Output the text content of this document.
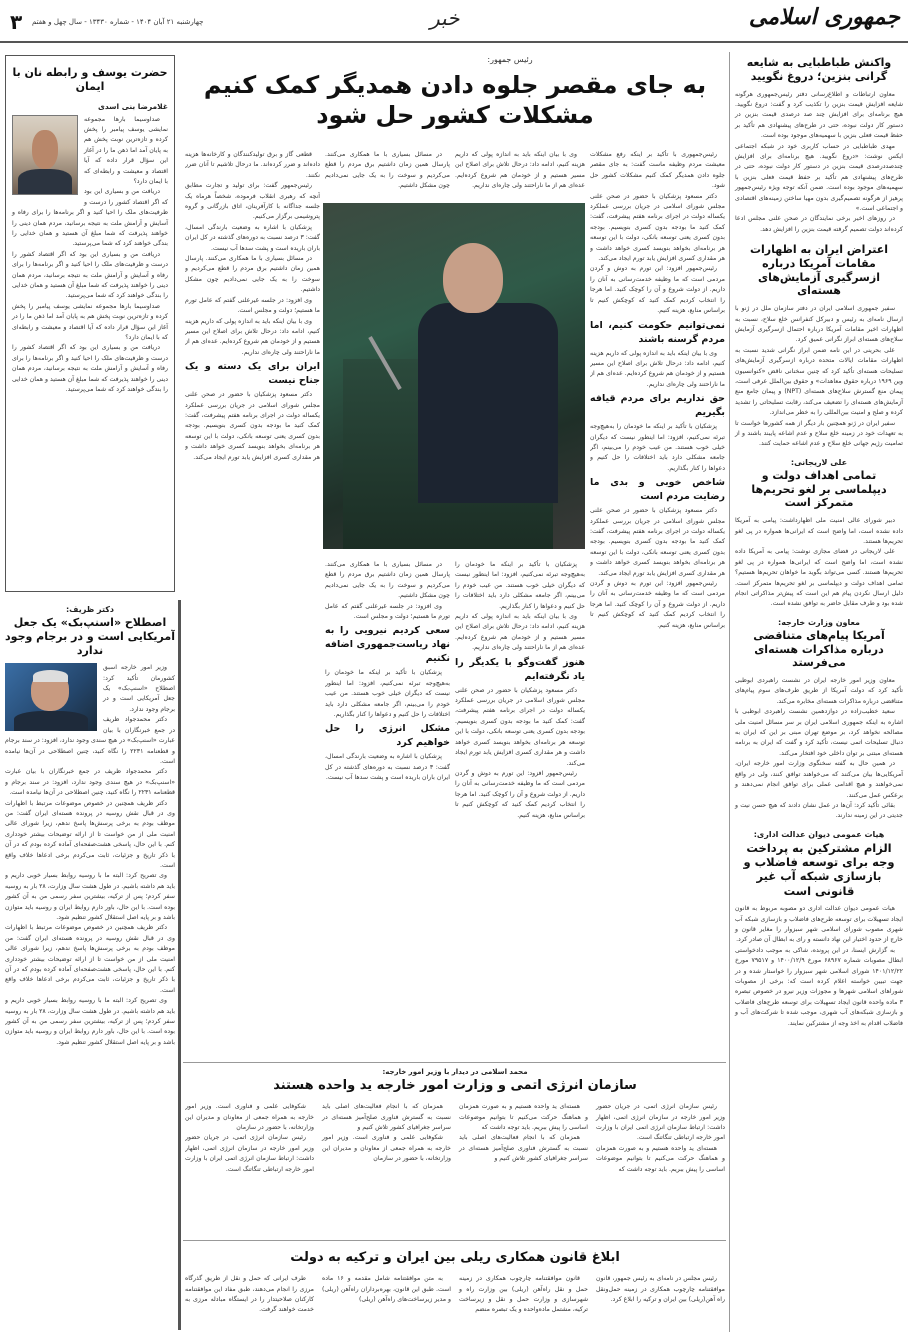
جمهوری اسلامی
خبر
چهارشنبه ۲۱ آبان ۱۴۰۴ - شماره ۱۳۴۳۰ - سال چهل و هفتم
۳
واکنش طباطبایی به شایعه گرانی بنزین؛ دروغ نگویید

معاون ارتباطات و اطلاع‌رسانی دفتر رئیس‌جمهوری هرگونه شایعه افزایش قیمت بنزین را تکذیب کرد و گفت: دروغ نگویید. هیچ برنامه‌ای برای افزایش چند صد درصدی قیمت بنزین در دستور کار دولت نبوده، حتی در طرح‌های پیشنهادی هم تأکید بر حفظ قیمت فعلی بنزین با سهمیه‌های موجود بوده است.

مهدی طباطبایی در حساب کاربری خود در شبکه اجتماعی ایکس نوشت: «دروغ نگویید. هیچ برنامه‌ای برای افزایش چندصددرصدی قیمت بنزین در دستور کار دولت نبوده، حتی در طرح‌های پیشنهادی هم تأکید بر حفظ قیمت فعلی بنزین با سهمیه‌های موجود بوده است. ضمن آنکه توجه ویژه رئیس‌جمهور پرهیز از هرگونه تصمیم‌گیری بدون مهیا ساختن زمینه‌های اقتصادی و اجتماعی است.»

در روزهای اخیر برخی نمایندگان در صحن علنی مجلس ادعا کرده‌اند دولت تصمیم گرفته قیمت بنزین را افزایش دهد.

اعتراض ایران به اظهارات مقامات آمریکا درباره ازسرگیری آزمایش‌های هسته‌ای

سفیر جمهوری اسلامی ایران در دفتر سازمان ملل در ژنو با ارسال نامه‌ای به رئیس و دبیرکل کنفرانس خلع سلاح، نسبت به اظهارات اخیر مقامات آمریکا درباره احتمال ازسرگیری آزمایش سلاح‌های هسته‌ای ابراز نگرانی عمیق کرد.

علی بحرینی در این نامه ضمن ابراز نگرانی شدید نسبت به اظهارات مقامات ایالات متحده درباره ازسرگیری آزمایش‌های تسلیحات هسته‌ای تأکید کرد که چنین سخنانی ناقض «کنوانسیون وین ۱۹۶۹ درباره حقوق معاهدات» و حقوق بین‌الملل عرفی است، پیمان منع گسترش سلاح‌های هسته‌ای (NPT) و پیمان جامع منع آزمایش‌های هسته‌ای را تضعیف می‌کند، رقابت تسلیحاتی را تشدید کرده و صلح و امنیت بین‌المللی را به خطر می‌اندازد.

سفیر ایران در ژنو همچنین بار دیگر از همه کشورها خواست تا به تعهدات خود در زمینه خلع سلاح و عدم اشاعه پایبند باشند و از تمامیت رژیم جهانی خلع سلاح و عدم اشاعه حمایت کنند.

علی لاریجانی:
تمامی اهداف دولت و دیپلماسی بر لغو تحریم‌ها متمرکز است

دبیر شورای عالی امنیت ملی اظهارداشت: پیامی به آمریکا داده نشده است، اما واضح است که ایرانی‌ها همواره در پی لغو تحریم‌ها هستند.

علی لاریجانی در فضای مجازی نوشت: پیامی به آمریکا داده نشده است، اما واضح است که ایرانی‌ها همواره در پی لغو تحریم‌ها هستند. کسی می‌تواند بگوید ما خواهان تحریم‌ها هستیم؟ تمامی اهداف دولت و دیپلماسی بر لغو تحریم‌ها متمرکز است. دلیل ارسال نکردن پیام هم این است که پیش‌تر مذاکراتی انجام شده بود و طرف مقابل حاضر به توافق نشده است.

معاون وزارت خارجه:
آمریکا پیام‌های متناقضی درباره مذاکرات هسته‌ای می‌فرستد

معاون وزیر امور خارجه ایران در نشست راهبردی ابوظبی تأکید کرد که دولت آمریکا از طریق طرف‌های سوم پیام‌های متناقضی درباره مذاکرات هسته‌ای مخابره می‌کند.

سعید خطیب‌زاده در دوازدهمین نشست راهبردی ابوظبی با اشاره به اینکه جمهوری اسلامی ایران بر سر مسائل امنیت ملی مصالحه نخواهد کرد، بر موضع تهران مبنی بر این که ایران به دنبال تسلیحات اتمی نیست، تأکید کرد و گفت که ایران به برنامه هسته‌ای مبتنی بر توان داخلی خود افتخار می‌کند.

در همین حال به گفته سخنگوی وزارت امور خارجه ایران، آمریکایی‌ها بیان می‌کنند که می‌خواهند توافق کنند، ولی در واقع نمی‌خواهند و هیچ اقدامی عملی برای توافق انجام نمی‌دهند و برعکس عمل می‌کنند.

بقائی تأکید کرد: آن‌ها در عمل نشان دادند که هیچ حسن نیت و جدیتی در این زمینه ندارند.

هیات عمومی دیوان عدالت اداری:
الزام مشترکین به پرداخت وجه برای توسعه فاضلاب و بازسازی شبکه آب غیر قانونی است

هیات عمومی دیوان عدالت اداری دو مصوبه مربوط به قانون ایجاد تسهیلات برای توسعه طرح‌های فاضلاب و بازسازی شبکه آب شهری مصوب شورای اسلامی شهر سبزوار را مغایر قانون و خارج از حدود اختیار این نهاد دانسته و رای به ابطال آن صادر کرد.

به گزارش ایسنا، در این پرونده، شاکی به موجب دادخواستی ابطال مصوبات شماره ۶۸۹۶۷ مورخ ۱۴۰۰/۱۲/۹ و ۷۹۵۱۷ مورخ ۱۴۰۱/۱۲/۲۲ شورای اسلامی شهر سبزوار را خواستار شده و در جهت تبیین خواسته اعلام کرده است که: برخی از مصوبات شوراهای اسلامی شهرها و مجوزات وزیر نیرو در خصوص تبصره ۳ ماده واحده قانون ایجاد تسهیلات برای توسعه طرح‌های فاضلاب و بازسازی شبکه‌های آب شهری، موجب شده تا شرکت‌های آب و فاضلاب اقدام به اخذ وجه از مشترکین نمایند.

رئیس جمهور:
به جای مقصر جلوه دادن همدیگر کمک کنیم مشکلات کشور حل شود

رئیس‌جمهوری با تأکید بر اینکه رفع مشکلات معیشت مردم وظیفه ماست گفت: به جای مقصر جلوه دادن همدیگر کمک کنیم مشکلات کشور حل شود.

دکتر مسعود پزشکیان با حضور در صحن علنی مجلس شورای اسلامی در جریان بررسی عملکرد یکساله دولت در اجرای برنامه هفتم پیشرفت، گفت: کمک کنید ما بودجه بدون کسری بنویسیم. بودجه بدون کسری یعنی توسعه بانکی، دولت با این توسعه هر برنامه‌ای بخواهد بنویسد کسری خواهد داشت و هر مقداری کسری افزایش یابد تورم ایجاد می‌کند.

رئیس‌جمهور افزود: این تورم به دوش و گردن مردمی است که ما وظیفه خدمت‌رسانی به آنان را داریم. از دولت شروع و آن را کوچک کنید. اما هرجا را انتخاب کردیم کمک کنید که کوچکش کنیم تا براساس منابع، هزینه کنیم.

نمی‌توانیم حکومت کنیم، اما مردم گرسنه باشند

وی با بیان اینکه باید به اندازه پولی که داریم هزینه کنیم، ادامه داد: درحال تلاش برای اصلاح این مسیر هستیم و از خودمان هم شروع کرده‌ایم. عده‌ای هم از ما ناراحتند ولی چاره‌ای نداریم.

حق نداریم برای مردم قیافه بگیریم

پزشکیان با تأکید بر اینکه ما خودمان را به‌هیچ‌وجه تبرئه نمی‌کنیم، افزود: اما اینطور نیست که دیگران خیلی خوب هستند. من عیب خودم را می‌بینم، اگر جامعه مشکلی دارد باید اختلافات را حل کنیم و دعواها را کنار بگذاریم.

شاخص خوبی و بدی ما رضایت مردم است

دکتر مسعود پزشکیان با حضور در صحن علنی مجلس شورای اسلامی در جریان بررسی عملکرد یکساله دولت در اجرای برنامه هفتم پیشرفت، گفت: کمک کنید ما بودجه بدون کسری بنویسیم. بودجه بدون کسری یعنی توسعه بانکی، دولت با این توسعه هر برنامه‌ای بخواهد بنویسد کسری خواهد داشت و هر مقداری کسری افزایش یابد تورم ایجاد می‌کند.

رئیس‌جمهور افزود: این تورم به دوش و گردن مردمی است که ما وظیفه خدمت‌رسانی به آنان را داریم. از دولت شروع و آن را کوچک کنید. اما هرجا را انتخاب کردیم کمک کنید که کوچکش کنیم تا براساس منابع، هزینه کنیم.

وی با بیان اینکه باید به اندازه پولی که داریم هزینه کنیم، ادامه داد: درحال تلاش برای اصلاح این مسیر هستیم و از خودمان هم شروع کرده‌ایم. عده‌ای هم از ما ناراحتند ولی چاره‌ای نداریم.

پزشکیان با تأکید بر اینکه ما خودمان را به‌هیچ‌وجه تبرئه نمی‌کنیم، افزود: اما اینطور نیست که دیگران خیلی خوب هستند. من عیب خودم را می‌بینم، اگر جامعه مشکلی دارد باید اختلافات را حل کنیم و دعواها را کنار بگذاریم.

وی با بیان اینکه باید به اندازه پولی که داریم هزینه کنیم، ادامه داد: درحال تلاش برای اصلاح این مسیر هستیم و از خودمان هم شروع کرده‌ایم. عده‌ای هم از ما ناراحتند ولی چاره‌ای نداریم.

هنوز گفت‌وگو با یکدیگر را یاد نگرفته‌ایم

دکتر مسعود پزشکیان با حضور در صحن علنی مجلس شورای اسلامی در جریان بررسی عملکرد یکساله دولت در اجرای برنامه هفتم پیشرفت، گفت: کمک کنید ما بودجه بدون کسری بنویسیم. بودجه بدون کسری یعنی توسعه بانکی، دولت با این توسعه هر برنامه‌ای بخواهد بنویسد کسری خواهد داشت و هر مقداری کسری افزایش یابد تورم ایجاد می‌کند.

رئیس‌جمهور افزود: این تورم به دوش و گردن مردمی است که ما وظیفه خدمت‌رسانی به آنان را داریم. از دولت شروع و آن را کوچک کنید. اما هرجا را انتخاب کردیم کمک کنید که کوچکش کنیم تا براساس منابع، هزینه کنیم.

در مسائل بسیاری با ما همکاری می‌کنند. پارسال همین زمان داشتیم برق مردم را قطع می‌کردیم و سوخت را به یک جایی نمی‌دادیم چون مشکل داشتیم.

در مسائل بسیاری با ما همکاری می‌کنند. پارسال همین زمان داشتیم برق مردم را قطع می‌کردیم و سوخت را به یک جایی نمی‌دادیم چون مشکل داشتیم.

وی افزود: در جلسه غیرعلنی گفتم که عامل تورم ما هستیم؛ دولت و مجلس است.

سعی کردیم نیرویی را به نهاد ریاست‌جمهوری اضافه نکنیم

پزشکیان با تأکید بر اینکه ما خودمان را به‌هیچ‌وجه تبرئه نمی‌کنیم، افزود: اما اینطور نیست که دیگران خیلی خوب هستند. من عیب خودم را می‌بینم، اگر جامعه مشکلی دارد باید اختلافات را حل کنیم و دعواها را کنار بگذاریم.

مشکل انرژی را حل خواهیم کرد

پزشکیان با اشاره به وضعیت بارندگی امسال، گفت: ۳ درصد نسبت به دوره‌های گذشته در کل ایران باران باریده است و پشت سدها آب نیست.

قطعی گاز و برق تولیدکنندگان و کارخانه‌ها هزینه داده‌اند و ضرر کرده‌اند. ما درحال تلاشیم تا آنان ضرر نکنند.

رئیس‌جمهور گفت: برای تولید و تجارت مطابق آنچه که رهبری انقلاب فرموده، شخصاً هرماه یک جلسه جداگانه با کارآفرینان، اتاق بازرگانی و گروه پتروشیمی برگزار می‌کنیم.

پزشکیان با اشاره به وضعیت بارندگی امسال، گفت: ۳ درصد نسبت به دوره‌های گذشته در کل ایران باران باریده است و پشت سدها آب نیست.

در مسائل بسیاری با ما همکاری می‌کنند. پارسال همین زمان داشتیم برق مردم را قطع می‌کردیم و سوخت را به یک جایی نمی‌دادیم چون مشکل داشتیم.

وی افزود: در جلسه غیرعلنی گفتم که عامل تورم ما هستیم؛ دولت و مجلس است.

وی با بیان اینکه باید به اندازه پولی که داریم هزینه کنیم، ادامه داد: درحال تلاش برای اصلاح این مسیر هستیم و از خودمان هم شروع کرده‌ایم. عده‌ای هم از ما ناراحتند ولی چاره‌ای نداریم.

ایران برای یک دسته و یک جناح نیست

دکتر مسعود پزشکیان با حضور در صحن علنی مجلس شورای اسلامی در جریان بررسی عملکرد یکساله دولت در اجرای برنامه هفتم پیشرفت، گفت: کمک کنید ما بودجه بدون کسری بنویسیم. بودجه بدون کسری یعنی توسعه بانکی، دولت با این توسعه هر برنامه‌ای بخواهد بنویسد کسری خواهد داشت و هر مقداری کسری افزایش یابد تورم ایجاد می‌کند.

حضرت یوسف و رابطه نان با ایمان
غلامرضا بنی اسدی

صداوسیما بارها مجموعه نمایشی یوسف پیامبر را پخش کرده و تازه‌ترین نوبت پخش هم به پایان آمد اما ذهن ما را در آغاز این سؤال قرار داده که آیا اقتصاد و معیشت و رابطه‌ای که با ایمان دارد؟

دریافت من و بسیاری این بود که اگر اقتصاد کشور را درست و ظرفیت‌های ملک را احیا کنید و اگر برنامه‌ها را برای رفاه و آسایش و آرامش ملت به نتیجه برسانید، مردم همان دینی را خواهند پذیرفت که شما مبلغ آن هستید و همان خدایی را بندگی خواهند کرد که شما می‌پرستید.

دریافت من و بسیاری این بود که اگر اقتصاد کشور را درست و ظرفیت‌های ملک را احیا کنید و اگر برنامه‌ها را برای رفاه و آسایش و آرامش ملت به نتیجه برسانید، مردم همان دینی را خواهند پذیرفت که شما مبلغ آن هستید و همان خدایی را بندگی خواهند کرد که شما می‌پرستید.

صداوسیما بارها مجموعه نمایشی یوسف پیامبر را پخش کرده و تازه‌ترین نوبت پخش هم به پایان آمد اما ذهن ما را در آغاز این سؤال قرار داده که آیا اقتصاد و معیشت و رابطه‌ای که با ایمان دارد؟

دریافت من و بسیاری این بود که اگر اقتصاد کشور را درست و ظرفیت‌های ملک را احیا کنید و اگر برنامه‌ها را برای رفاه و آسایش و آرامش ملت به نتیجه برسانید، مردم همان دینی را خواهند پذیرفت که شما مبلغ آن هستید و همان خدایی را بندگی خواهند کرد که شما می‌پرستید.

دکتر ظریف:
اصطلاح «اسنپ‌بک» یک جعل آمریکایی است و در برجام وجود ندارد

وزیر امور خارجه اسبق کشورمان تأکید کرد: اصطلاح «اسنپ‌بک» یک جعل آمریکایی است و در برجام وجود ندارد.

دکتر محمدجواد ظریف در جمع خبرنگاران با بیان عبارت «اسنپ‌بک» در هیچ سندی وجود ندارد، افزود: در سند برجام و قطعنامه ۲۲۳۱ را نگاه کنید، چنین اصطلاحی در آن‌ها نیامده است.

دکتر محمدجواد ظریف در جمع خبرنگاران با بیان عبارت «اسنپ‌بک» در هیچ سندی وجود ندارد، افزود: در سند برجام و قطعنامه ۲۲۳۱ را نگاه کنید، چنین اصطلاحی در آن‌ها نیامده است.

دکتر ظریف همچنین در خصوص موضوعات مرتبط با اظهارات وی در قبال نقش روسیه در پرونده هسته‌ای ایران گفت: من موظف بودم به برخی پرسش‌ها پاسخ ندهم، زیرا شورای عالی امنیت ملی از من خواست تا از ارائه توضیحات بیشتر خودداری کنم. با این حال، پاسخی هشت‌صفحه‌ای آماده کرده بودم که در آن با ذکر تاریخ و جزئیات، ثابت می‌کردم برخی ادعاها خلاف واقع است.

وی تصریح کرد: البته ما با روسیه روابط بسیار خوبی داریم و باید هم داشته باشیم. در طول هشت سال وزارت، ۲۸ بار به روسیه سفر کردم؛ پس از ترکیه، بیشترین سفر رسمی من به آن کشور بوده است. با این حال، باور دارم روابط ایران و روسیه باید متوازن باشد و بر پایه اصل استقلال کشور تنظیم شود.

دکتر ظریف همچنین در خصوص موضوعات مرتبط با اظهارات وی در قبال نقش روسیه در پرونده هسته‌ای ایران گفت: من موظف بودم به برخی پرسش‌ها پاسخ ندهم، زیرا شورای عالی امنیت ملی از من خواست تا از ارائه توضیحات بیشتر خودداری کنم. با این حال، پاسخی هشت‌صفحه‌ای آماده کرده بودم که در آن با ذکر تاریخ و جزئیات، ثابت می‌کردم برخی ادعاها خلاف واقع است.

وی تصریح کرد: البته ما با روسیه روابط بسیار خوبی داریم و باید هم داشته باشیم. در طول هشت سال وزارت، ۲۸ بار به روسیه سفر کردم؛ پس از ترکیه، بیشترین سفر رسمی من به آن کشور بوده است. با این حال، باور دارم روابط ایران و روسیه باید متوازن باشد و بر پایه اصل استقلال کشور تنظیم شود.

محمد اسلامی در دیدار با وزیر امور خارجه:
سازمان انرژی اتمی و وزارت امور خارجه ید واحده هستند

رئیس سازمان انرژی اتمی، در جریان حضور وزیر امور خارجه در سازمان انرژی اتمی، اظهار داشت: ارتباط سازمان انرژی اتمی ایران با وزارت امور خارجه ارتباطی تنگاتنگ است.

هسته‌ای ید واحده هستیم و به صورت همزمان و هماهنگ حرکت می‌کنیم تا بتوانیم موضوعات اساسی را پیش ببریم. باید توجه داشت که

هسته‌ای ید واحده هستیم و به صورت همزمان و هماهنگ حرکت می‌کنیم تا بتوانیم موضوعات اساسی را پیش ببریم. باید توجه داشت که

همزمان که با انجام فعالیت‌های اصلی باید نسبت به گسترش فناوری صلح‌آمیز هسته‌ای در سراسر جغرافیای کشور تلاش کنیم و

همزمان که با انجام فعالیت‌های اصلی باید نسبت به گسترش فناوری صلح‌آمیز هسته‌ای در سراسر جغرافیای کشور تلاش کنیم و

شکوفایی علمی و فناوری است. وزیر امور خارجه به همراه جمعی از معاونان و مدیران این وزارتخانه، با حضور در سازمان

شکوفایی علمی و فناوری است. وزیر امور خارجه به همراه جمعی از معاونان و مدیران این وزارتخانه، با حضور در سازمان

رئیس سازمان انرژی اتمی، در جریان حضور وزیر امور خارجه در سازمان انرژی اتمی، اظهار داشت: ارتباط سازمان انرژی اتمی ایران با وزارت امور خارجه ارتباطی تنگاتنگ است.

ابلاغ قانون همکاری ریلی بین ایران و ترکیه به دولت

رئیس مجلس در نامه‌ای به رئیس جمهور، قانون موافقتنامه چارچوب همکاری در زمینه حمل‌ونقل راه آهن(ریلی) بین ایران و ترکیه را ابلاغ کرد.

قانون موافقتنامه چارچوب همکاری در زمینه حمل و نقل راه‌آهن (ریلی) بین وزارت راه و شهرسازی و وزارت حمل و نقل و زیرساخت ترکیه، مشتمل ماده‌واحده و یک تبصره منضم

به متن موافقتنامه شامل مقدمه و ۱۶ ماده است. طبق این قانون، بهره‌برداران راه‌آهن (ریلی) و مدیر زیرساخت‌های راه‌آهن (ریلی)

طرف ایرانی که حمل و نقل از طریق گذرگاه مرزی را انجام می‌دهند، طبق مفاد این موافقتنامه کارکنان صلاحیتدار را در ایستگاه مبادله مرزی به خدمت خواهند گرفت.
